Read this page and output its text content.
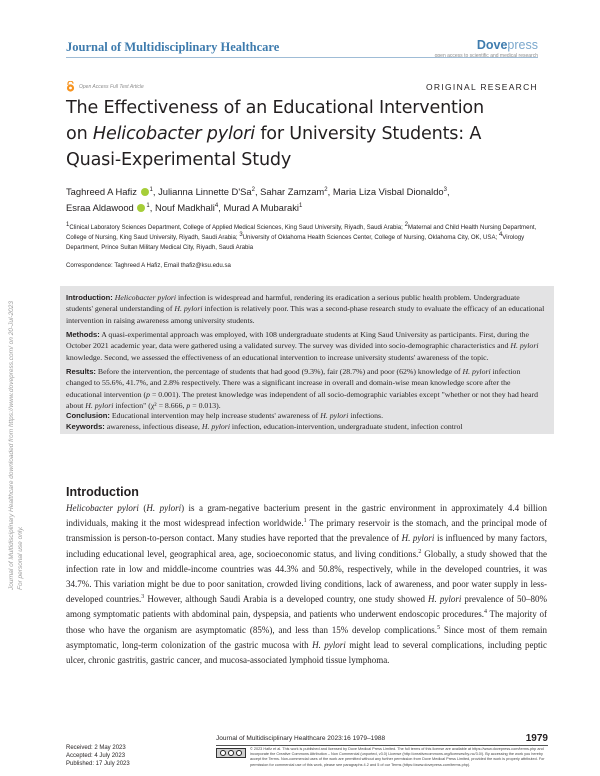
Journal of Multidisciplinary Healthcare downloaded from https://www.dovepress.com/ on 20-Jul-2023 For personal use only.
Journal of Multidisciplinary Healthcare	Dovepress
open access to scientific and medical research
Open Access Full Text Article	ORIGINAL RESEARCH
The Effectiveness of an Educational Intervention
on Helicobacter pylori for University Students: A
Quasi-Experimental Study
Taghreed A Hafiz $^1$, Julianna Linnette D'Sa$^2$, Sahar Zamzam$^2$, Maria Liza Visbal Dionaldo$^3$,
Esraa Aldawood $^1$, Nouf Madkhali$^4$, Murad A Mubaraki$^1$
$^1$Clinical Laboratory Sciences Department, College of Applied Medical Sciences, King Saud University, Riyadh, Saudi Arabia; $^2$Maternal and Child Health Nursing Department, College of Nursing, King Saud University, Riyadh, Saudi Arabia; $^3$University of Oklahoma Health Sciences Center, College of Nursing, Oklahoma City, OK, USA; $^4$Virology Department, Prince Sultan Military Medical City, Riyadh, Saudi Arabia
Correspondence: Taghreed A Hafiz, Email thafiz@ksu.edu.sa

Introduction: Helicobacter pylori infection is widespread and harmful, rendering its eradication a serious public health problem. Undergraduate students' general understanding of H. pylori infection is relatively poor. This was a second-phase research study to evaluate the efficacy of an educational intervention in raising awareness among university students.

Methods: A quasi-experimental approach was employed, with 108 undergraduate students at King Saud University as participants. First, during the October 2021 academic year, data were gathered using a validated survey. The survey was divided into socio-demographic characteristics and H. pylori knowledge. Second, we assessed the effectiveness of an educational intervention to increase university students' awareness of the topic.

Results: Before the intervention, the percentage of students that had good (9.3%), fair (28.7%) and poor (62%) knowledge of H. pylori infection changed to 55.6%, 41.7%, and 2.8% respectively. There was a significant increase in overall and domain-wise mean knowledge score after the educational intervention (p = 0.001). The pretest knowledge was independent of all socio-demographic variables except "whether or not they had heard about H. pylori infection" (χ² = 8.666, p = 0.013).

Conclusion: Educational intervention may help increase students' awareness of H. pylori infections.

Keywords: awareness, infectious disease, H. pylori infection, education-intervention, undergraduate student, infection control

Introduction

Helicobacter pylori (H. pylori) is a gram-negative bacterium present in the gastric environment in approximately 4.4 billion individuals, making it the most widespread infection worldwide.$^1$ The primary reservoir is the stomach, and the principal mode of transmission is person-to-person contact. Many studies have reported that the prevalence of H. pylori is influenced by many factors, including educational level, geographical area, age, socioeconomic status, and living conditions.$^2$ Globally, a study showed that the infection rate in low and middle-income countries was 44.3% and 50.8%, respectively, while in the developed countries, it was 34.7%. This variation might be due to poor sanitation, crowded living conditions, lack of awareness, and poor water supply in less-developed countries.$^3$ However, although Saudi Arabia is a developed country, one study showed H. pylori prevalence of 50–80% among symptomatic patients with abdominal pain, dyspepsia, and patients who underwent endoscopic procedures.$^4$ The majority of those who have the organism are asymptomatic (85%), and less than 15% develop complications.$^5$ Since most of them remain asymptomatic, long-term colonization of the gastric mucosa with H. pylori might lead to several complications, including peptic ulcer, chronic gastritis, gastric cancer, and mucosa-associated lymphoid tissue lymphoma.

Journal of Multidisciplinary Healthcare 2023:16 1979–1988	1979
Received: 2 May 2023
Accepted: 4 July 2023
Published: 17 July 2023
© 2023 Hafiz et al. This work is published and licensed by Dove Medical Press Limited. The full terms of this license are available at https://www.dovepress.com/terms.php and incorporate the Creative Commons Attribution – Non Commercial (unported, v3.0) License (http://creativecommons.org/licenses/by-nc/3.0/). By accessing the work you hereby accept the Terms. Non-commercial uses of the work are permitted without any further permission from Dove Medical Press Limited, provided the work is properly attributed. For permission for commercial use of this work, please see paragraphs 4.2 and 5 of our Terms (https://www.dovepress.com/terms.php).
